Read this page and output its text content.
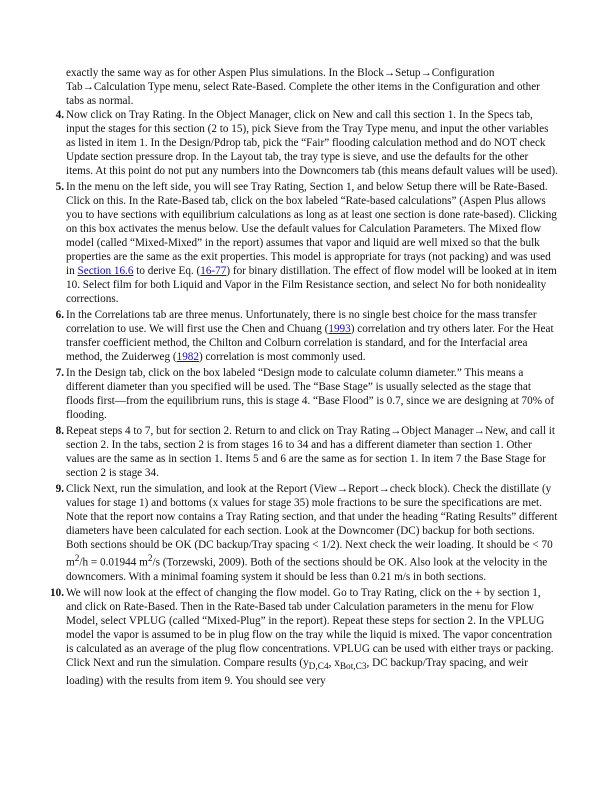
exactly the same way as for other Aspen Plus simulations. In the Block→Setup→Configuration Tab→Calculation Type menu, select Rate-Based. Complete the other items in the Configuration and other tabs as normal.

4. Now click on Tray Rating. In the Object Manager, click on New and call this section 1. In the Specs tab, input the stages for this section (2 to 15), pick Sieve from the Tray Type menu, and input the other variables as listed in item 1. In the Design/Pdrop tab, pick the “Fair” flooding calculation method and do NOT check Update section pressure drop. In the Layout tab, the tray type is sieve, and use the defaults for the other items. At this point do not put any numbers into the Downcomers tab (this means default values will be used).
5. In the menu on the left side, you will see Tray Rating, Section 1, and below Setup there will be Rate-Based. Click on this. In the Rate-Based tab, click on the box labeled “Rate-based calculations” (Aspen Plus allows you to have sections with equilibrium calculations as long as at least one section is done rate-based). Clicking on this box activates the menus below. Use the default values for Calculation Parameters. The Mixed flow model (called “Mixed-Mixed” in the report) assumes that vapor and liquid are well mixed so that the bulk properties are the same as the exit properties. This model is appropriate for trays (not packing) and was used in Section 16.6 to derive Eq. (16-77) for binary distillation. The effect of flow model will be looked at in item 10. Select film for both Liquid and Vapor in the Film Resistance section, and select No for both nonideality corrections.
6. In the Correlations tab are three menus. Unfortunately, there is no single best choice for the mass transfer correlation to use. We will first use the Chen and Chuang (1993) correlation and try others later. For the Heat transfer coefficient method, the Chilton and Colburn correlation is standard, and for the Interfacial area method, the Zuiderweg (1982) correlation is most commonly used.
7. In the Design tab, click on the box labeled “Design mode to calculate column diameter.” This means a different diameter than you specified will be used. The “Base Stage” is usually selected as the stage that floods first—from the equilibrium runs, this is stage 4. “Base Flood” is 0.7, since we are designing at 70% of flooding.
8. Repeat steps 4 to 7, but for section 2. Return to and click on Tray Rating→Object Manager→New, and call it section 2. In the tabs, section 2 is from stages 16 to 34 and has a different diameter than section 1. Other values are the same as in section 1. Items 5 and 6 are the same as for section 1. In item 7 the Base Stage for section 2 is stage 34.
9. Click Next, run the simulation, and look at the Report (View→Report→check block). Check the distillate (y values for stage 1) and bottoms (x values for stage 35) mole fractions to be sure the specifications are met. Note that the report now contains a Tray Rating section, and that under the heading “Rating Results” different diameters have been calculated for each section. Look at the Downcomer (DC) backup for both sections. Both sections should be OK (DC backup/Tray spacing < 1/2). Next check the weir loading. It should be < 70 $m^2/h = 0.01944$ $m^2/s$ (Torzewski, 2009). Both of the sections should be OK. Also look at the velocity in the downcomers. With a minimal foaming system it should be less than 0.21 m/s in both sections.
10. We will now look at the effect of changing the flow model. Go to Tray Rating, click on the + by section 1, and click on Rate-Based. Then in the Rate-Based tab under Calculation parameters in the menu for Flow Model, select VPLUG (called “Mixed-Plug” in the report). Repeat these steps for section 2. In the VPLUG model the vapor is assumed to be in plug flow on the tray while the liquid is mixed. The vapor concentration is calculated as an average of the plug flow concentrations. VPLUG can be used with either trays or packing. Click Next and run the simulation. Compare results ($y_{D,C4}$, $x_{Bot,C3}$, DC backup/Tray spacing, and weir loading) with the results from item 9. You should see very
